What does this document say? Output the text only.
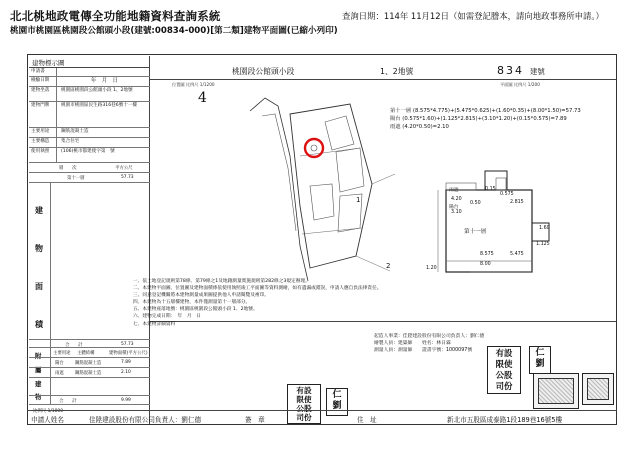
北北桃地政電傳全功能地籍資料查詢系統
桃園市桃園區桃園段公館頭小段(建號:00834-000)[第二類]建物平面圖(已縮小列印)
查詢日期：114年 11月12日（如需登記謄本，請向地政事務所申請。）
建物標示圖
申請書
檢驗日期	年　月　日
建物坐落	桃園區桃園段公館頭小段 1、2地號
建物門牌	桃園市桃園區民生路316巷6號十一樓
主要用途	鋼筋混凝土造
主要構造	集合住宅
使用執照	(106)桃市都建使字第　號
層　　次	平方公尺
第十一層	57.73
建
物
面
積
合　　計	57.73
附
屬
建
物
主要用途 主體結構	建物面積(平方公尺)
陽台	鋼筋混凝土造	7.89
雨遮	鋼筋混凝土造	2.10
合　　計	9.99
比例尺 1/1000
桃園段公館頭小段	1、2地號	834 建號
位置圖 比例尺 1/1200	平面圖 比例尺 1/200
4
1
2
第十一層 (8.575*4.775)+(5.475*0.625)+(1.60*0.35)+(8.00*1.50)=57.73
陽台 (0.575*1.60)+(1.125*2.815)+(3.10*1.20)+(0.15*0.575)=7.89
雨遮 (4.20*0.50)=2.10
陽台
第十一層
雨遮	0.15
0.575
4.20
0.50	2.815
3.10
1.125
8.575	5.475
8.00
1.60
1.20
一、依土地登記規則第78條、第79條之1及地籍測量實施規則第282條之3規定辦理。
二、本建物平面圖、位置圖及建物面積係依使用執照竣工平面圖等資料測繪，如有遺漏或錯誤，申請人應自負法律責任。
三、同意登記機關將本建物測量成果圖提供他人申請閱覽及複印。
四、本建物為十五層樓建物，本件僅測量第十一層部分。
五、本建物座落地號：桃園區桃園段公館頭小段 1、2地號。
六、建物完成日期：　年　月　日
七、本建物詳細資料
有設
限使
公股
司份
仁
劉
有設
限使
公股
司份
仁
劉
起造人事業：佳陞建設股份有限公司負責人：劉仁德
繪製人員：建築師　　姓名：林日霖
測量人員：測量師　　證書字號：1000097號
申請人姓名	佳陞建設股份有限公司負責人：劉仁德	簽　章	住　址	新北市五股區成泰路1段189巷16號5樓
